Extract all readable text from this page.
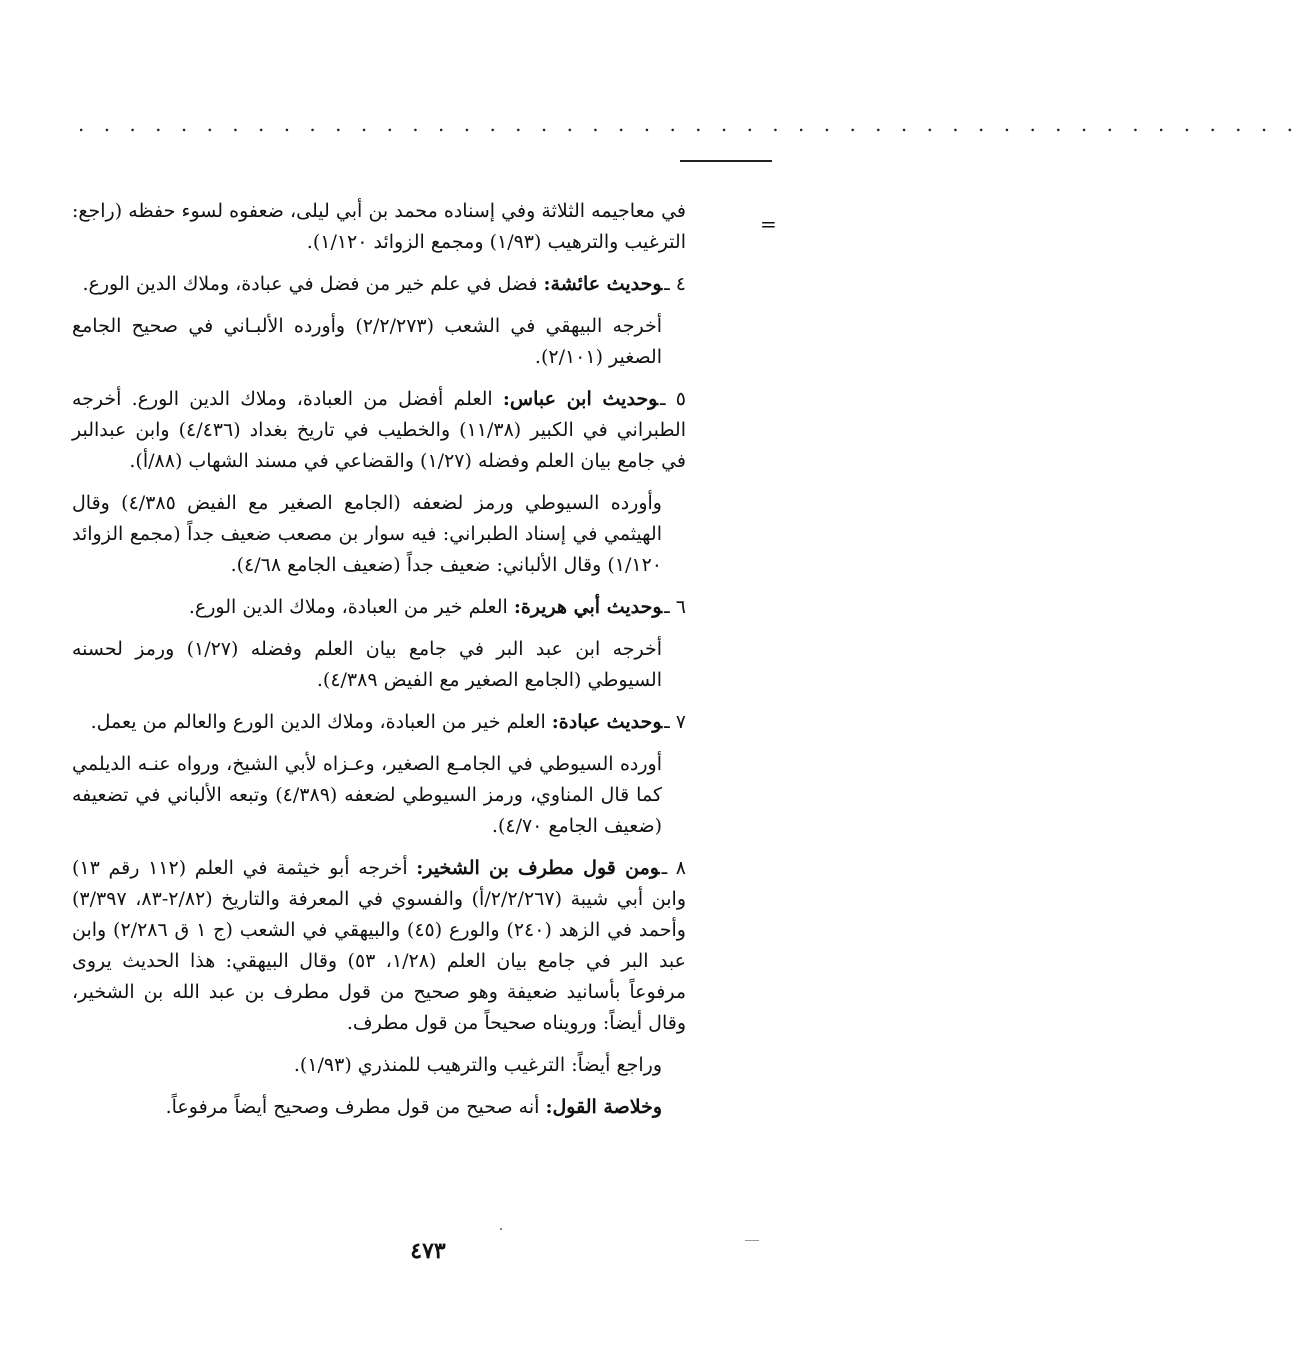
. . . . . . . . . . . . . . . . . . . . . . . . . . . . . . . . . . . . . . . . . . . . . . . .
=

في معاجيمه الثلاثة وفي إسناده محمد بن أبي ليلى، ضعفوه لسوء حفظه (راجع: الترغيب والترهيب (١/٩٣) ومجمع الزوائد ١/١٢٠).

٤ ـوحديث عائشة: فضل في علم خير من فضل في عبادة، وملاك الدين الورع.

أخرجه البيهقي في الشعب (٢/٢/٢٧٣) وأورده الألبـاني في صحيح الجامع الصغير (٢/١٠١).

٥ ـوحديث ابن عباس: العلم أفضل من العبادة، وملاك الدين الورع. أخرجه الطبراني في الكبير (١١/٣٨) والخطيب في تاريخ بغداد (٤/٤٣٦) وابن عبدالبر في جامع بيان العلم وفضله (١/٢٧) والقضاعي في مسند الشهاب (٨٨/أ).

وأورده السيوطي ورمز لضعفه (الجامع الصغير مع الفيض ٤/٣٨٥) وقال الهيثمي في إسناد الطبراني: فيه سوار بن مصعب ضعيف جداً (مجمع الزوائد ١/١٢٠) وقال الألباني: ضعيف جداً (ضعيف الجامع ٤/٦٨).

٦ ـوحديث أبي هريرة: العلم خير من العبادة، وملاك الدين الورع.

أخرجه ابن عبد البر في جامع بيان العلم وفضله (١/٢٧) ورمز لحسنه السيوطي (الجامع الصغير مع الفيض ٤/٣٨٩).

٧ ـوحديث عبادة: العلم خير من العبادة، وملاك الدين الورع والعالم من يعمل.

أورده السيوطي في الجامـع الصغير، وعـزاه لأبي الشيخ، ورواه عنـه الديلمي كما قال المناوي، ورمز السيوطي لضعفه (٤/٣٨٩) وتبعه الألباني في تضعيفه (ضعيف الجامع ٤/٧٠).

٨ ـومن قول مطرف بن الشخير: أخرجه أبو خيثمة في العلم (١١٢ رقم ١٣) وابن أبي شيبة (٢/٢/٢٦٧/أ) والفسوي في المعرفة والتاريخ (٢/٨٢-٨٣، ٣/٣٩٧) وأحمد في الزهد (٢٤٠) والورع (٤٥) والبيهقي في الشعب (ج ١ ق ٢/٢٨٦) وابن عبد البر في جامع بيان العلم (١/٢٨، ٥٣) وقال البيهقي: هذا الحديث يروى مرفوعاً بأسانيد ضعيفة وهو صحيح من قول مطرف بن عبد الله بن الشخير، وقال أيضاً: ورويناه صحيحاً من قول مطرف.

وراجع أيضاً: الترغيب والترهيب للمنذري (١/٩٣).

وخلاصة القول: أنه صحيح من قول مطرف وصحيح أيضاً مرفوعاً.

٤٧٣
